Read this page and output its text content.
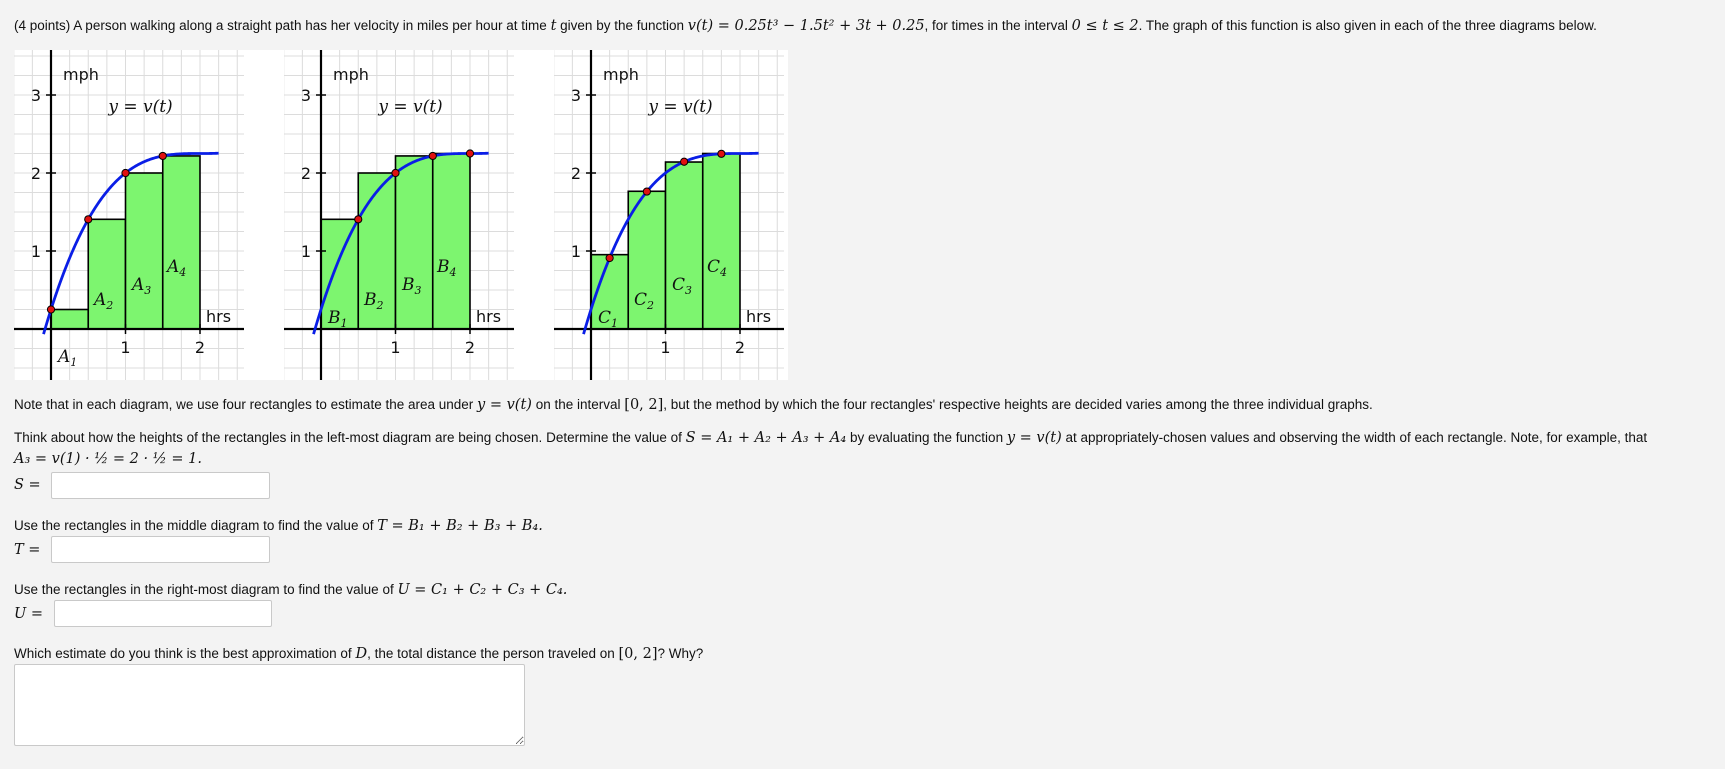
(4 points) A person walking along a straight path has her velocity in miles per hour at time t given by the function v(t) = 0.25t³ − 1.5t² + 3t + 0.25, for times in the interval 0 ≤ t ≤ 2. The graph of this function is also given in each of the three diagrams below.
1
2
3
1	2
mph
hrs
y = v(t)
$A_1$
$A_2$
$A_3$
$A_4$
1
2
3
1	2
mph
hrs
y = v(t)
$B_1$
$B_2$
$B_3$
$B_4$
1
2
3
1	2
mph
hrs
y = v(t)
$C_1$
$C_2$
$C_3$
$C_4$
Note that in each diagram, we use four rectangles to estimate the area under y = v(t) on the interval [0, 2], but the method by which the four rectangles' respective heights are decided varies among the three individual graphs.
Think about how the heights of the rectangles in the left-most diagram are being chosen. Determine the value of S = A₁ + A₂ + A₃ + A₄ by evaluating the function y = v(t) at appropriately-chosen values and observing the width of each rectangle. Note, for example, that
A₃ = v(1) · ½ = 2 · ½ = 1.
S =
Use the rectangles in the middle diagram to find the value of T = B₁ + B₂ + B₃ + B₄.
T =
Use the rectangles in the right-most diagram to find the value of U = C₁ + C₂ + C₃ + C₄.
U =
Which estimate do you think is the best approximation of D, the total distance the person traveled on [0, 2]? Why?
